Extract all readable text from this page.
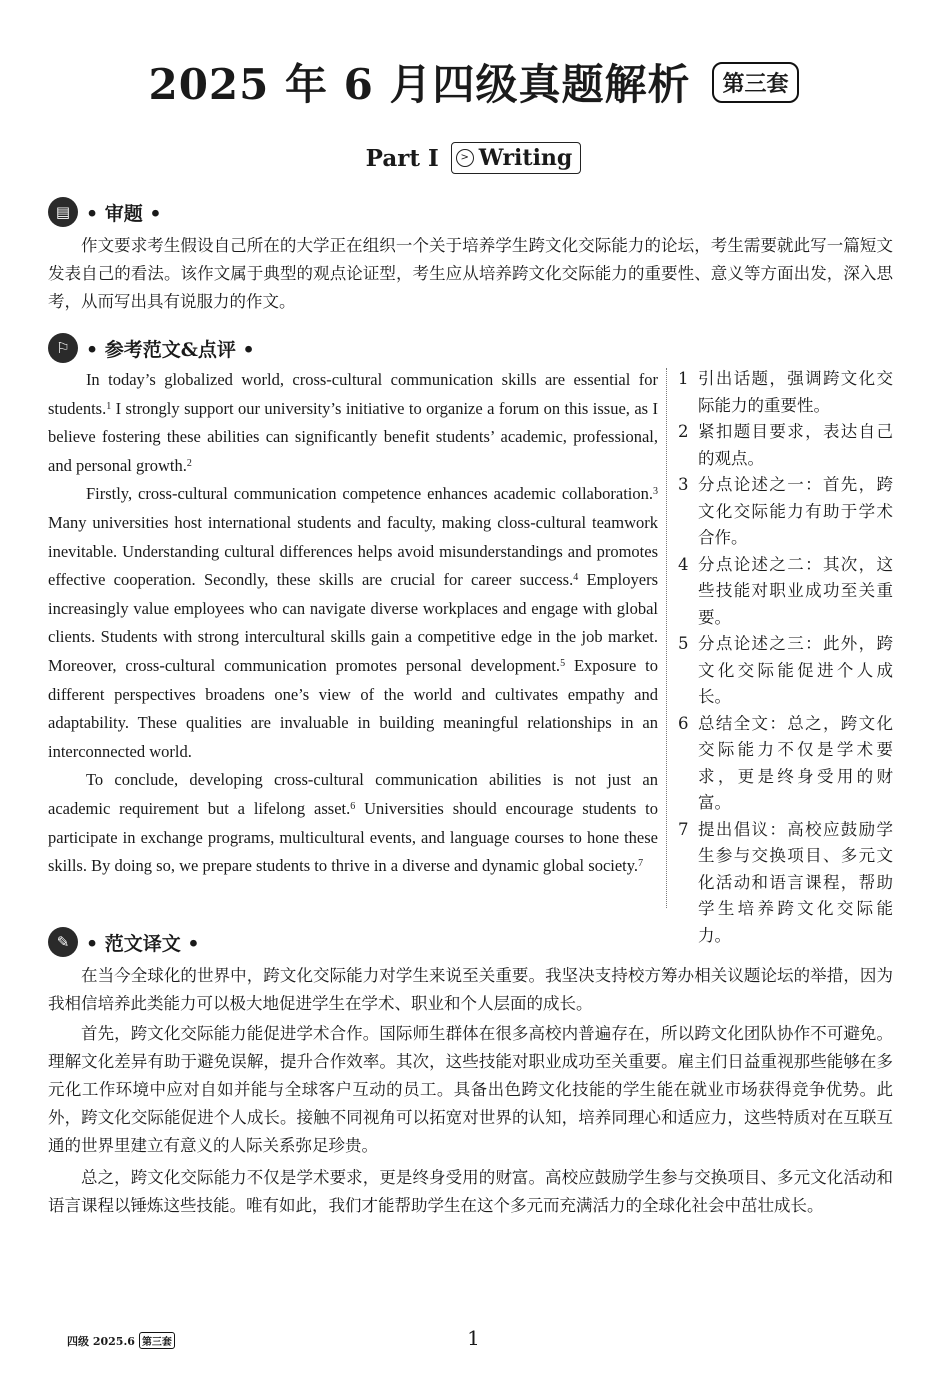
2025 年 6 月四级真题解析	第三套
Part I	> Writing
▤ • 审题 •

作文要求考生假设自己所在的大学正在组织一个关于培养学生跨文化交际能力的论坛，考生需要就此写一篇短文发表自己的看法。该作文属于典型的观点论证型，考生应从培养跨文化交际能力的重要性、意义等方面出发，深入思考，从而写出具有说服力的作文。

⚐ • 参考范文&点评 •

In today’s globalized world, cross-cultural communication skills are essential for students.$^1$ I strongly support our university’s initiative to organize a forum on this issue, as I believe fostering these abilities can significantly benefit students’ academic, professional, and personal growth.$^2$

Firstly, cross-cultural communication competence enhances academic collaboration.$^3$ Many universities host international students and faculty, making closs-cultural teamwork inevitable. Understanding cultural differences helps avoid misunderstandings and promotes effective cooperation. Secondly, these skills are crucial for career success.$^4$ Employers increasingly value employees who can navigate diverse workplaces and engage with global clients. Students with strong intercultural skills gain a competitive edge in the job market. Moreover, cross-cultural communication promotes personal development.$^5$ Exposure to different perspectives broadens one’s view of the world and cultivates empathy and adaptability. These qualities are invaluable in building meaningful relationships in an interconnected world.

To conclude, developing cross-cultural communication abilities is not just an academic requirement but a lifelong asset.$^6$ Universities should encourage students to participate in exchange programs, multicultural events, and language courses to hone these skills. By doing so, we prepare students to thrive in a diverse and dynamic global society.$^7$

1 引出话题，强调跨文化交际能力的重要性。
2 紧扣题目要求，表达自己的观点。
3 分点论述之一：首先，跨文化交际能力有助于学术合作。
4 分点论述之二：其次，这些技能对职业成功至关重要。
5 分点论述之三：此外，跨文化交际能促进个人成长。
6 总结全文：总之，跨文化交际能力不仅是学术要求，更是终身受用的财富。
7 提出倡议：高校应鼓励学生参与交换项目、多元文化活动和语言课程，帮助学生培养跨文化交际能力。
✎ • 范文译文 •

在当今全球化的世界中，跨文化交际能力对学生来说至关重要。我坚决支持校方筹办相关议题论坛的举措，因为我相信培养此类能力可以极大地促进学生在学术、职业和个人层面的成长。

首先，跨文化交际能力能促进学术合作。国际师生群体在很多高校内普遍存在，所以跨文化团队协作不可避免。理解文化差异有助于避免误解，提升合作效率。其次，这些技能对职业成功至关重要。雇主们日益重视那些能够在多元化工作环境中应对自如并能与全球客户互动的员工。具备出色跨文化技能的学生能在就业市场获得竞争优势。此外，跨文化交际能促进个人成长。接触不同视角可以拓宽对世界的认知，培养同理心和适应力，这些特质对在互联互通的世界里建立有意义的人际关系弥足珍贵。

总之，跨文化交际能力不仅是学术要求，更是终身受用的财富。高校应鼓励学生参与交换项目、多元文化活动和语言课程以锤炼这些技能。唯有如此，我们才能帮助学生在这个多元而充满活力的全球化社会中茁壮成长。

四级 2025.6 第三套	1
